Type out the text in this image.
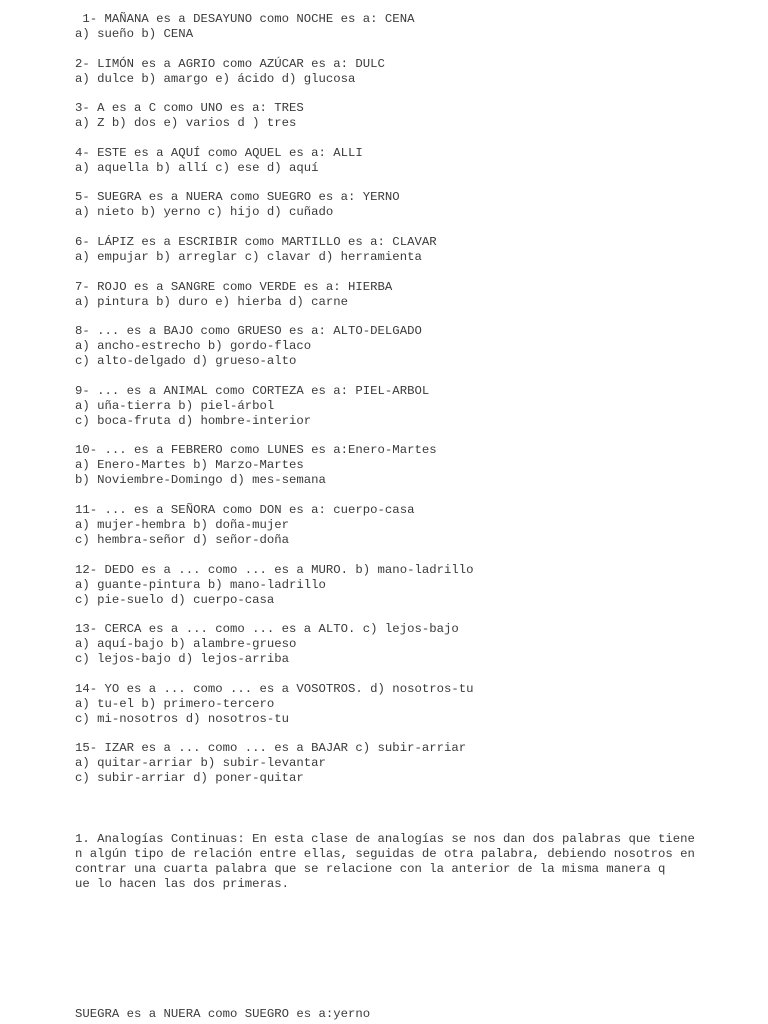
1- MAÑANA es a DESAYUNO como NOCHE es a: CENA
a) sueño b) CENA
2- LIMÓN es a AGRIO como AZÚCAR es a: DULC
a) dulce b) amargo e) ácido d) glucosa
3- A es a C como UNO es a: TRES
a) Z b) dos e) varios d ) tres
4- ESTE es a AQUÍ como AQUEL es a: ALLI
a) aquella b) allí c) ese d) aquí
5- SUEGRA es a NUERA como SUEGRO es a: YERNO
a) nieto b) yerno c) hijo d) cuñado
6- LÁPIZ es a ESCRIBIR como MARTILLO es a: CLAVAR
a) empujar b) arreglar c) clavar d) herramienta
7- ROJO es a SANGRE como VERDE es a: HIERBA
a) pintura b) duro e) hierba d) carne
8- ... es a BAJO como GRUESO es a: ALTO-DELGADO
a) ancho-estrecho b) gordo-flaco
c) alto-delgado d) grueso-alto
9- ... es a ANIMAL como CORTEZA es a: PIEL-ARBOL
a) uña-tierra b) piel-árbol
c) boca-fruta d) hombre-interior
10- ... es a FEBRERO como LUNES es a:Enero-Martes
a) Enero-Martes b) Marzo-Martes
b) Noviembre-Domingo d) mes-semana
11- ... es a SEÑORA como DON es a: cuerpo-casa
a) mujer-hembra b) doña-mujer
c) hembra-señor d) señor-doña
12- DEDO es a ... como ... es a MURO. b) mano-ladrillo
a) guante-pintura b) mano-ladrillo
c) pie-suelo d) cuerpo-casa
13- CERCA es a ... como ... es a ALTO. c) lejos-bajo
a) aquí-bajo b) alambre-grueso
c) lejos-bajo d) lejos-arriba
14- YO es a ... como ... es a VOSOTROS. d) nosotros-tu
a) tu-el b) primero-tercero
c) mi-nosotros d) nosotros-tu
15- IZAR es a ... como ... es a BAJAR c) subir-arriar
a) quitar-arriar b) subir-levantar
c) subir-arriar d) poner-quitar
1. Analogías Continuas: En esta clase de analogías se nos dan dos palabras que tiene
n algún tipo de relación entre ellas, seguidas de otra palabra, debiendo nosotros en
contrar una cuarta palabra que se relacione con la anterior de la misma manera q
ue lo hacen las dos primeras.
SUEGRA es a NUERA como SUEGRO es a:yerno
